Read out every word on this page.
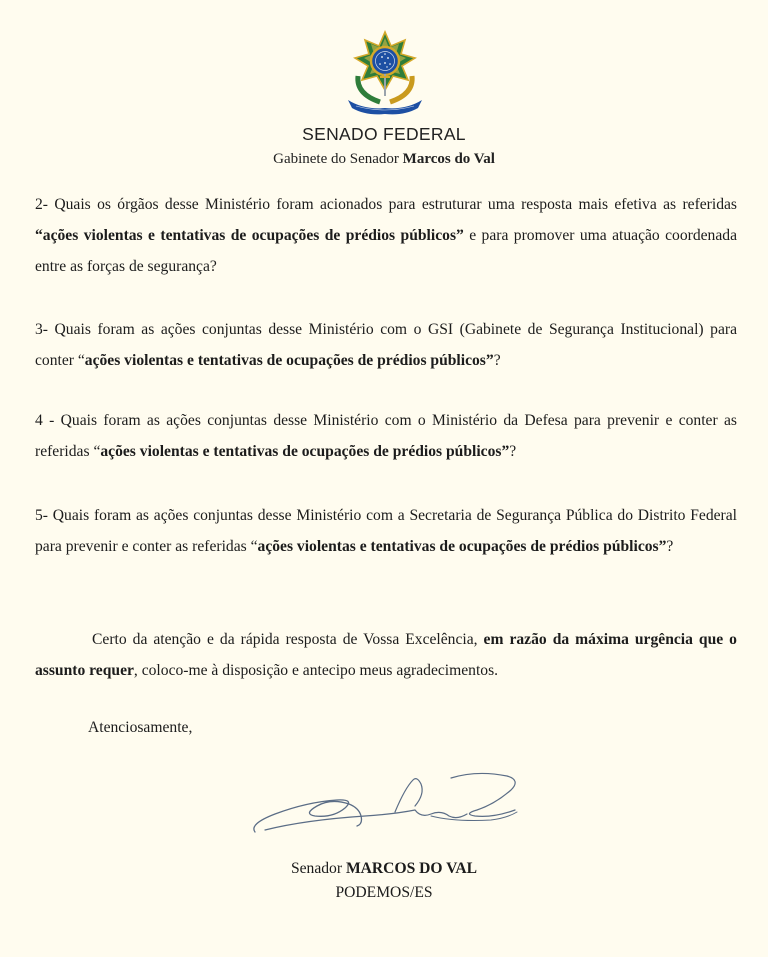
SENADO FEDERAL
Gabinete do Senador Marcos do Val
2- Quais os órgãos desse Ministério foram acionados para estruturar uma resposta mais efetiva as referidas “ações violentas e tentativas de ocupações de prédios públicos” e para promover uma atuação coordenada entre as forças de segurança?
3- Quais foram as ações conjuntas desse Ministério com o GSI (Gabinete de Segurança Institucional) para conter “ações violentas e tentativas de ocupações de prédios públicos”?
4 - Quais foram as ações conjuntas desse Ministério com o Ministério da Defesa para prevenir e conter as referidas “ações violentas e tentativas de ocupações de prédios públicos”?
5- Quais foram as ações conjuntas desse Ministério com a Secretaria de Segurança Pública do Distrito Federal para prevenir e conter as referidas “ações violentas e tentativas de ocupações de prédios públicos”?
Certo da atenção e da rápida resposta de Vossa Excelência, em razão da máxima urgência que o assunto requer, coloco-me à disposição e antecipo meus agradecimentos.
Atenciosamente,
Senador MARCOS DO VAL
PODEMOS/ES
